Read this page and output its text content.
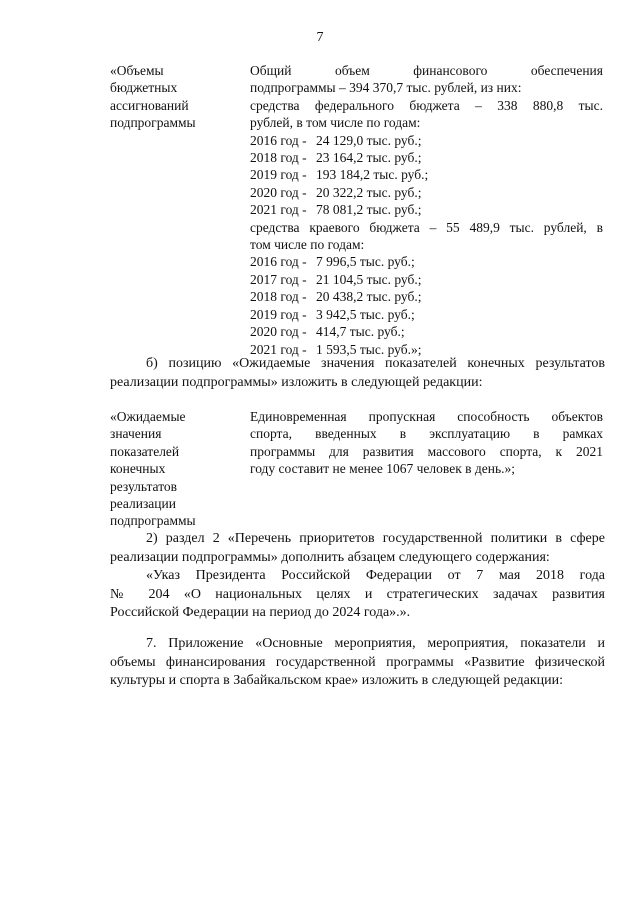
7
«Объемы
бюджетных
ассигнований
подпрограммы
Общий объем финансового обеспечения
подпрограммы – 394 370,7 тыс. рублей, из них:
средства федерального бюджета – 338 880,8 тыс.
рублей, в том числе по годам:
2016 год - 24 129,0 тыс. руб.;
2018 год - 23 164,2 тыс. руб.;
2019 год - 193 184,2 тыс. руб.;
2020 год - 20 322,2 тыс. руб.;
2021 год - 78 081,2 тыс. руб.;
средства краевого бюджета – 55 489,9 тыс. рублей, в
том числе по годам:
2016 год - 7 996,5 тыс. руб.;
2017 год - 21 104,5 тыс. руб.;
2018 год - 20 438,2 тыс. руб.;
2019 год - 3 942,5 тыс. руб.;
2020 год - 414,7 тыс. руб.;
2021 год - 1 593,5 тыс. руб.»;
б) позицию «Ожидаемые значения показателей конечных результатов
реализации подпрограммы» изложить в следующей редакции:
«Ожидаемые
значения
показателей
конечных
результатов
реализации
подпрограммы
Единовременная пропускная способность объектов
спорта, введенных в эксплуатацию в рамках
программы для развития массового спорта, к 2021
году составит не менее 1067 человек в день.»;
2) раздел 2 «Перечень приоритетов государственной политики в сфере
реализации подпрограммы» дополнить абзацем следующего содержания:
«Указ Президента Российской Федерации от 7 мая 2018 года
№ 204 «О национальных целях и стратегических задачах развития
Российской Федерации на период до 2024 года».».
7. Приложение «Основные мероприятия, мероприятия, показатели и
объемы финансирования государственной программы «Развитие физической
культуры и спорта в Забайкальском крае» изложить в следующей редакции:
